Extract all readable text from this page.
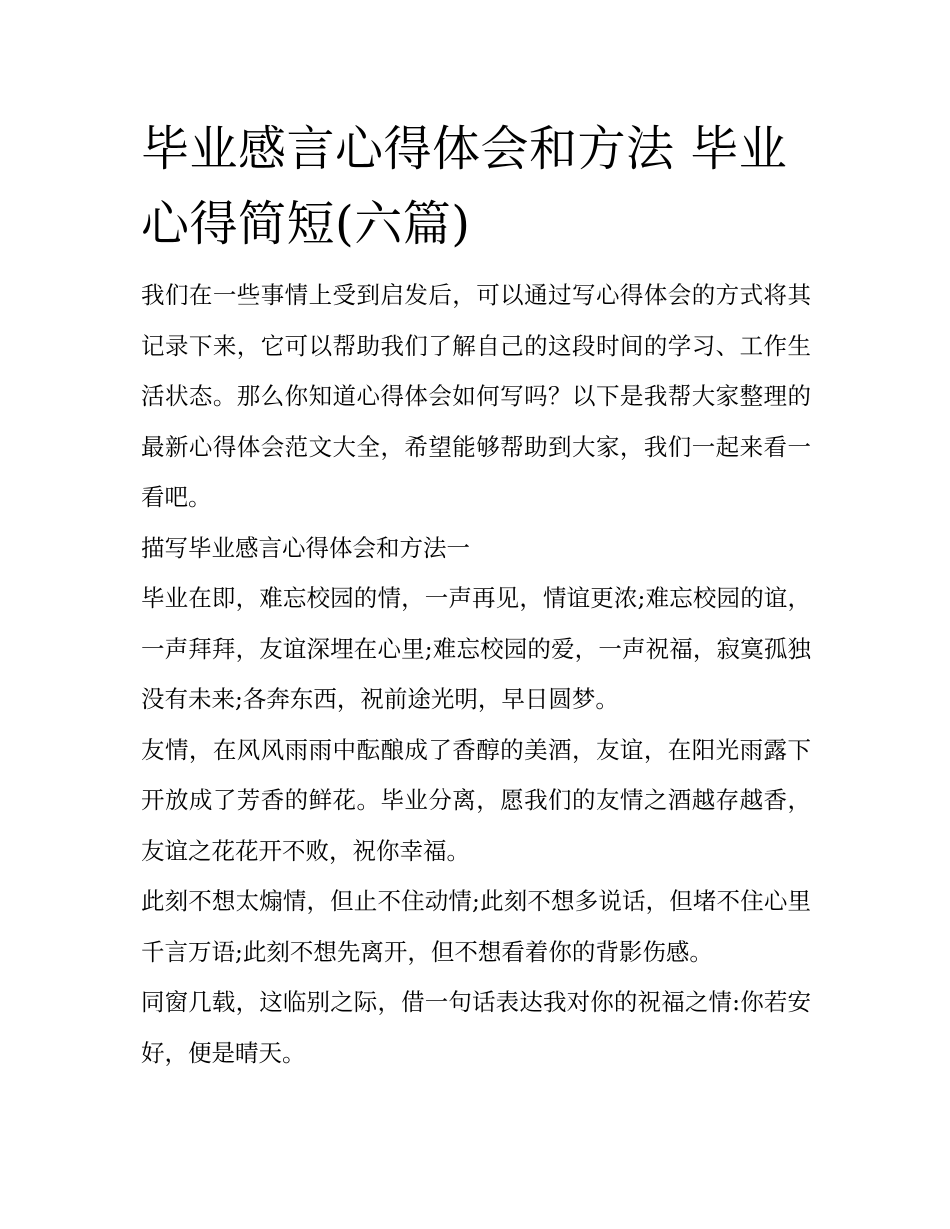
毕业感言心得体会和方法 毕业心得简短(六篇)

我们在一些事情上受到启发后，可以通过写心得体会的方式将其记录下来，它可以帮助我们了解自己的这段时间的学习、工作生活状态。那么你知道心得体会如何写吗？以下是我帮大家整理的最新心得体会范文大全，希望能够帮助到大家，我们一起来看一看吧。

描写毕业感言心得体会和方法一

毕业在即，难忘校园的情，一声再见，情谊更浓;难忘校园的谊，一声拜拜，友谊深埋在心里;难忘校园的爱，一声祝福，寂寞孤独没有未来;各奔东西，祝前途光明，早日圆梦。

友情，在风风雨雨中酝酿成了香醇的美酒，友谊，在阳光雨露下开放成了芳香的鲜花。毕业分离，愿我们的友情之酒越存越香，友谊之花花开不败，祝你幸福。

此刻不想太煽情，但止不住动情;此刻不想多说话，但堵不住心里千言万语;此刻不想先离开，但不想看着你的背影伤感。

同窗几载，这临别之际，借一句话表达我对你的祝福之情:你若安好，便是晴天。
